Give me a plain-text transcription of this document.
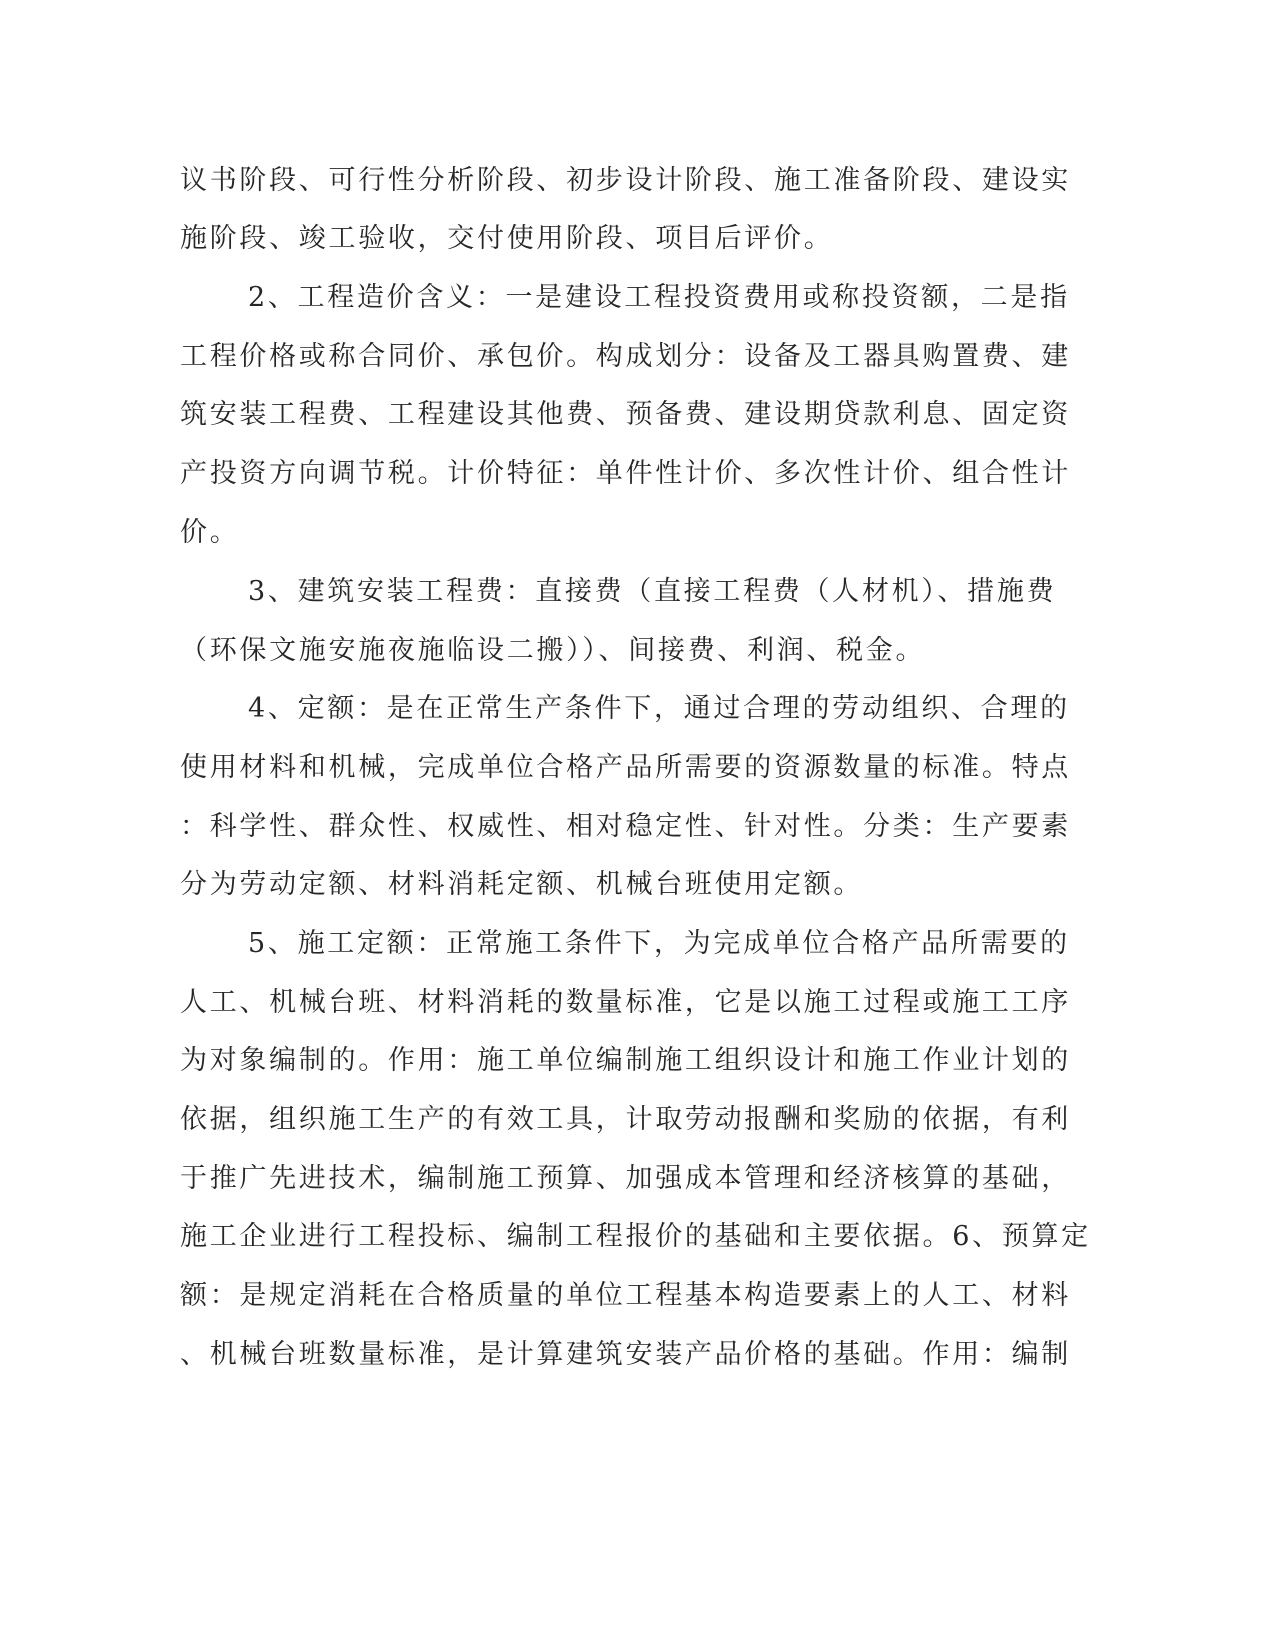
议书阶段、可行性分析阶段、初步设计阶段、施工准备阶段、建设实

施阶段、竣工验收，交付使用阶段、项目后评价。

2、工程造价含义：一是建设工程投资费用或称投资额，二是指

工程价格或称合同价、承包价。构成划分：设备及工器具购置费、建

筑安装工程费、工程建设其他费、预备费、建设期贷款利息、固定资

产投资方向调节税。计价特征：单件性计价、多次性计价、组合性计

价。

3、建筑安装工程费：直接费（直接工程费（人材机）、措施费

（环保文施安施夜施临设二搬））、间接费、利润、税金。

4、定额：是在正常生产条件下，通过合理的劳动组织、合理的

使用材料和机械，完成单位合格产品所需要的资源数量的标准。特点

：科学性、群众性、权威性、相对稳定性、针对性。分类：生产要素

分为劳动定额、材料消耗定额、机械台班使用定额。

5、施工定额：正常施工条件下，为完成单位合格产品所需要的

人工、机械台班、材料消耗的数量标准，它是以施工过程或施工工序

为对象编制的。作用：施工单位编制施工组织设计和施工作业计划的

依据，组织施工生产的有效工具，计取劳动报酬和奖励的依据，有利

于推广先进技术，编制施工预算、加强成本管理和经济核算的基础，

施工企业进行工程投标、编制工程报价的基础和主要依据。6、预算定

额：是规定消耗在合格质量的单位工程基本构造要素上的人工、材料

、机械台班数量标准，是计算建筑安装产品价格的基础。作用：编制
